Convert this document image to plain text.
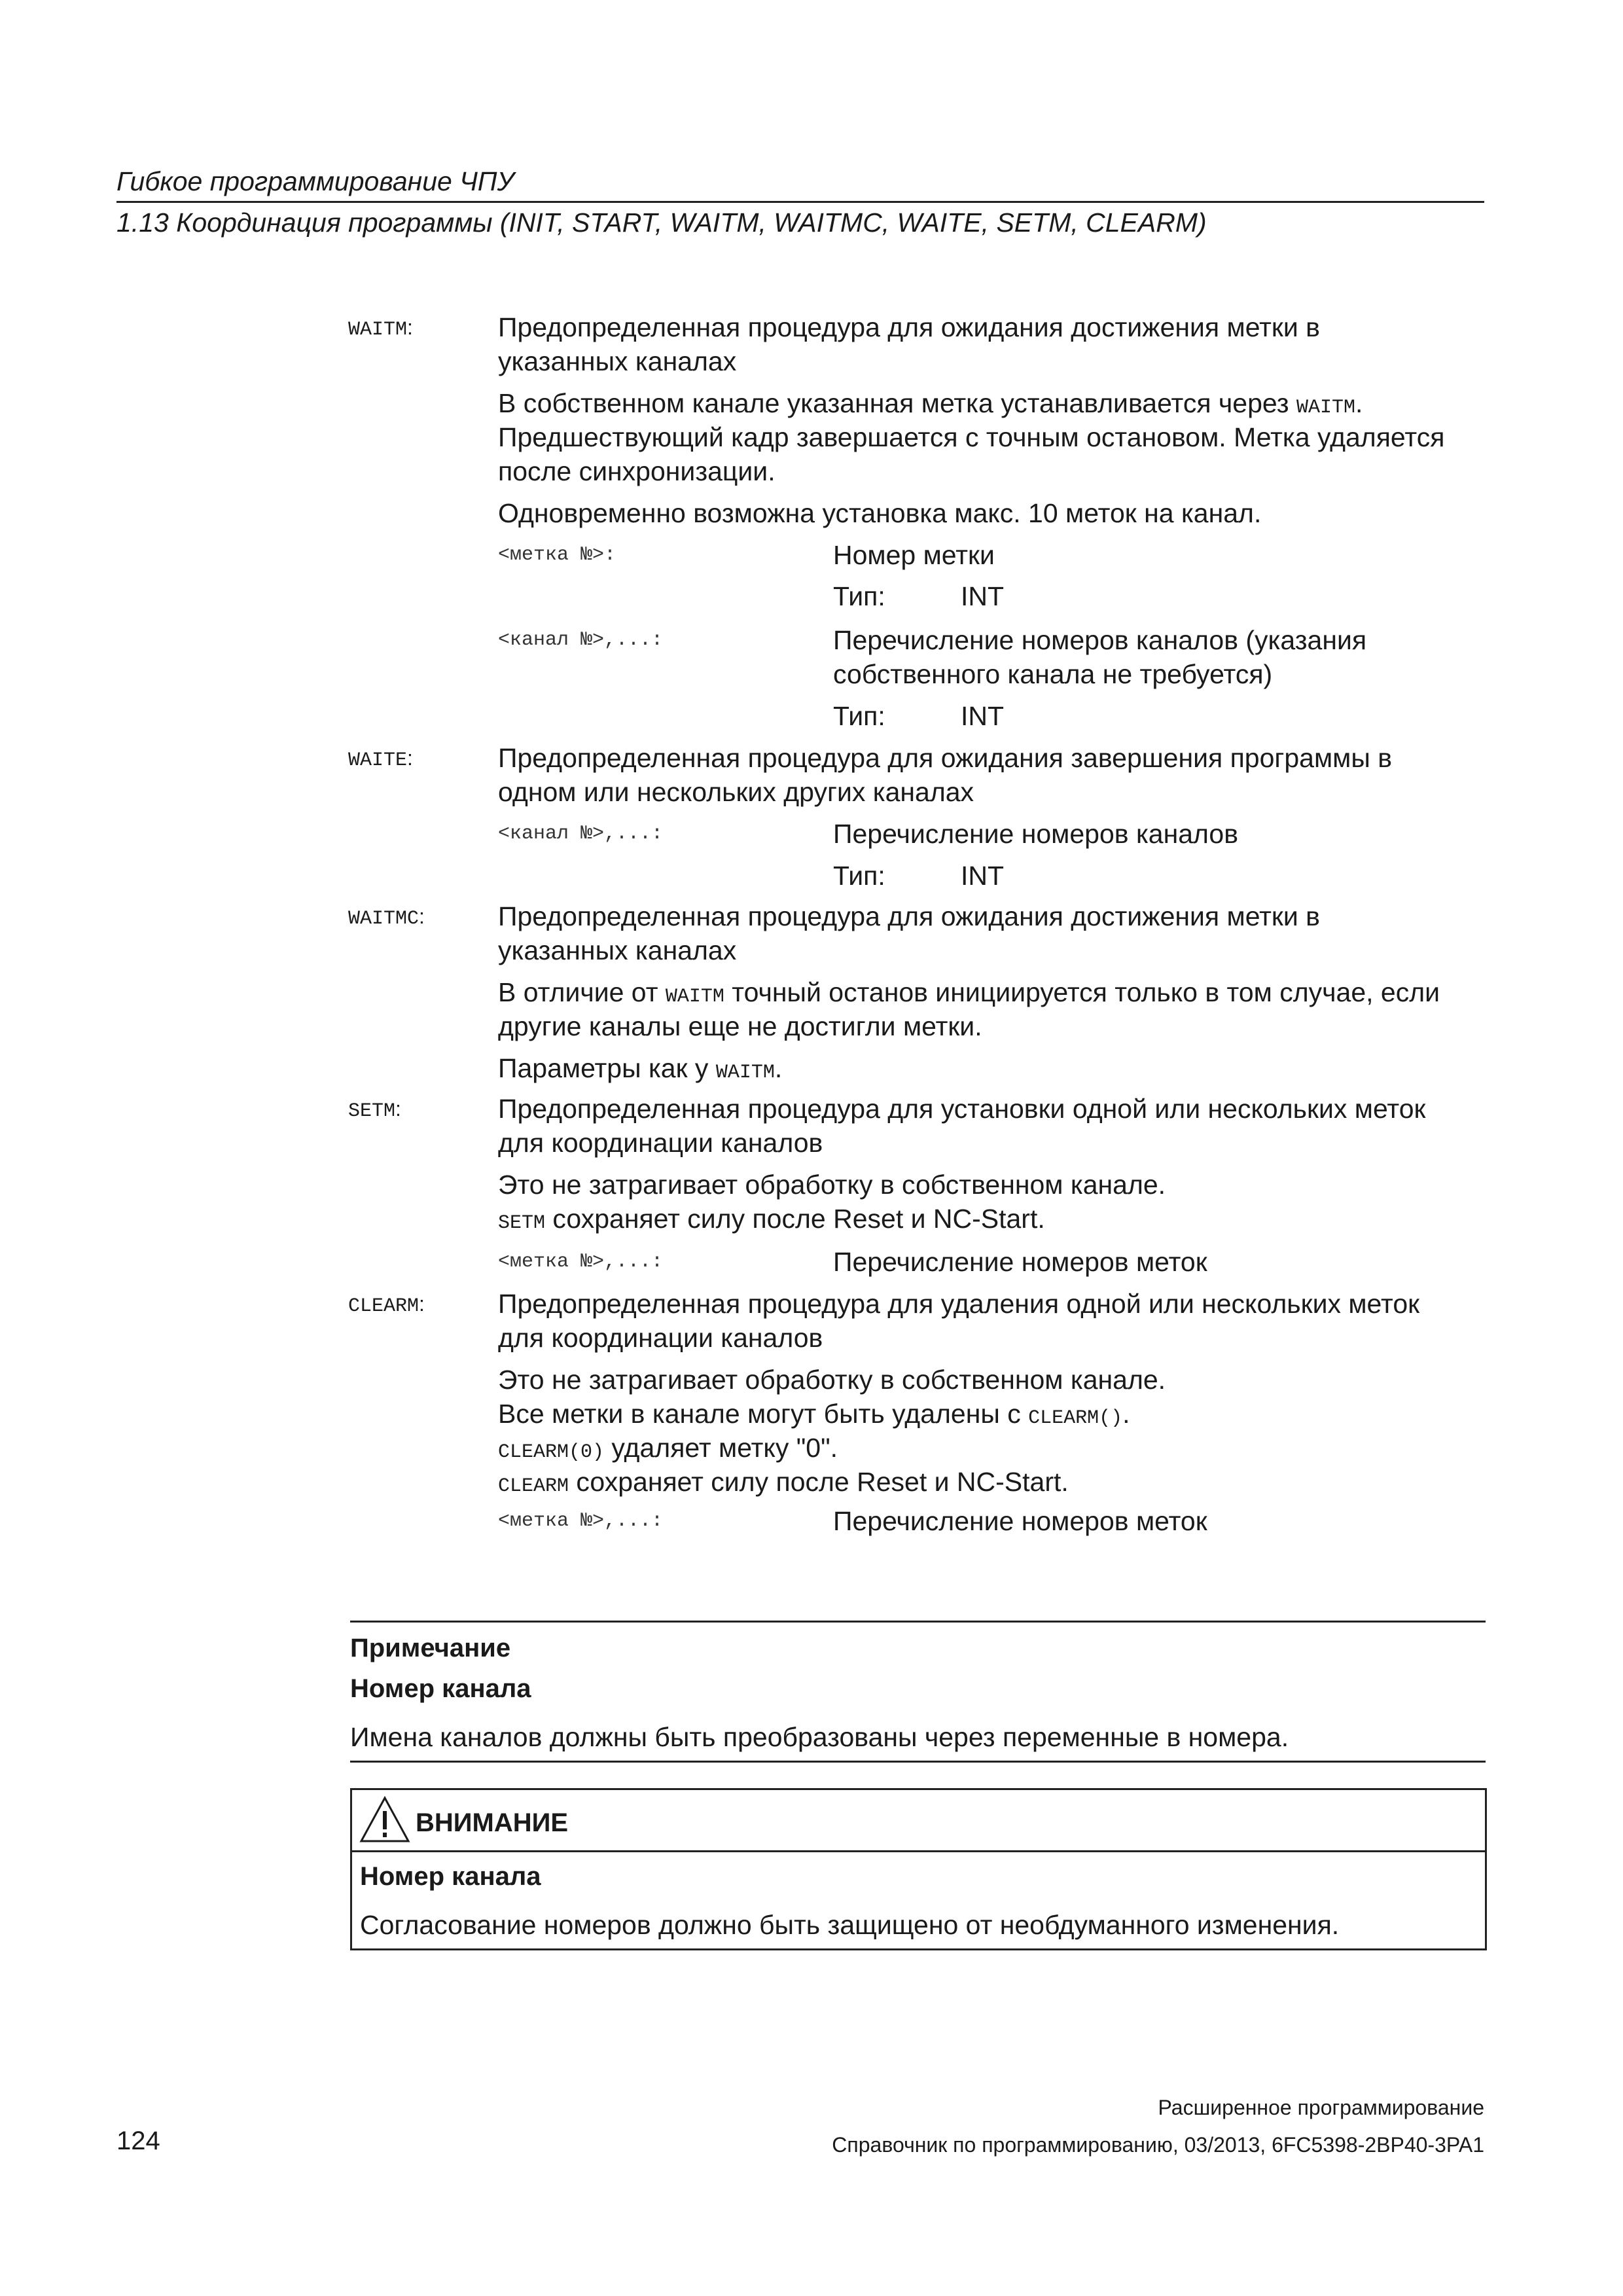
Гибкое программирование ЧПУ
1.13 Координация программы (INIT, START, WAITM, WAITMC, WAITE, SETM, CLEARM)
WAITM:	Предопределенная процедура для ожидания достижения метки в
указанных каналах
В собственном канале указанная метка устанавливается через WAITM.
Предшествующий кадр завершается с точным остановом. Метка удаляется
после синхронизации.
Одновременно возможна установка макс. 10 меток на канал.
<метка №>:	Номер метки
Тип:	INT
<канал №>,...:	Перечисление номеров каналов (указания
собственного канала не требуется)
Тип:	INT
WAITE:	Предопределенная процедура для ожидания завершения программы в
одном или нескольких других каналах
<канал №>,...:	Перечисление номеров каналов
Тип:	INT
WAITMC:	Предопределенная процедура для ожидания достижения метки в
указанных каналах
В отличие от WAITM точный останов инициируется только в том случае, если
другие каналы еще не достигли метки.
Параметры как у WAITM.
SETM:	Предопределенная процедура для установки одной или нескольких меток
для координации каналов
Это не затрагивает обработку в собственном канале.
SETM сохраняет силу после Reset и NC-Start.
<метка №>,...:	Перечисление номеров меток
CLEARM:	Предопределенная процедура для удаления одной или нескольких меток
для координации каналов
Это не затрагивает обработку в собственном канале.
Все метки в канале могут быть удалены с CLEARM().
CLEARM(0) удаляет метку "0".
CLEARM сохраняет силу после Reset и NC-Start.
<метка №>,...:	Перечисление номеров меток
Примечание
Номер канала
Имена каналов должны быть преобразованы через переменные в номера.
ВНИМАНИЕ
Номер канала
Согласование номеров должно быть защищено от необдуманного изменения.
Расширенное программирование
124	Справочник по программированию, 03/2013, 6FC5398-2BP40-3PA1
